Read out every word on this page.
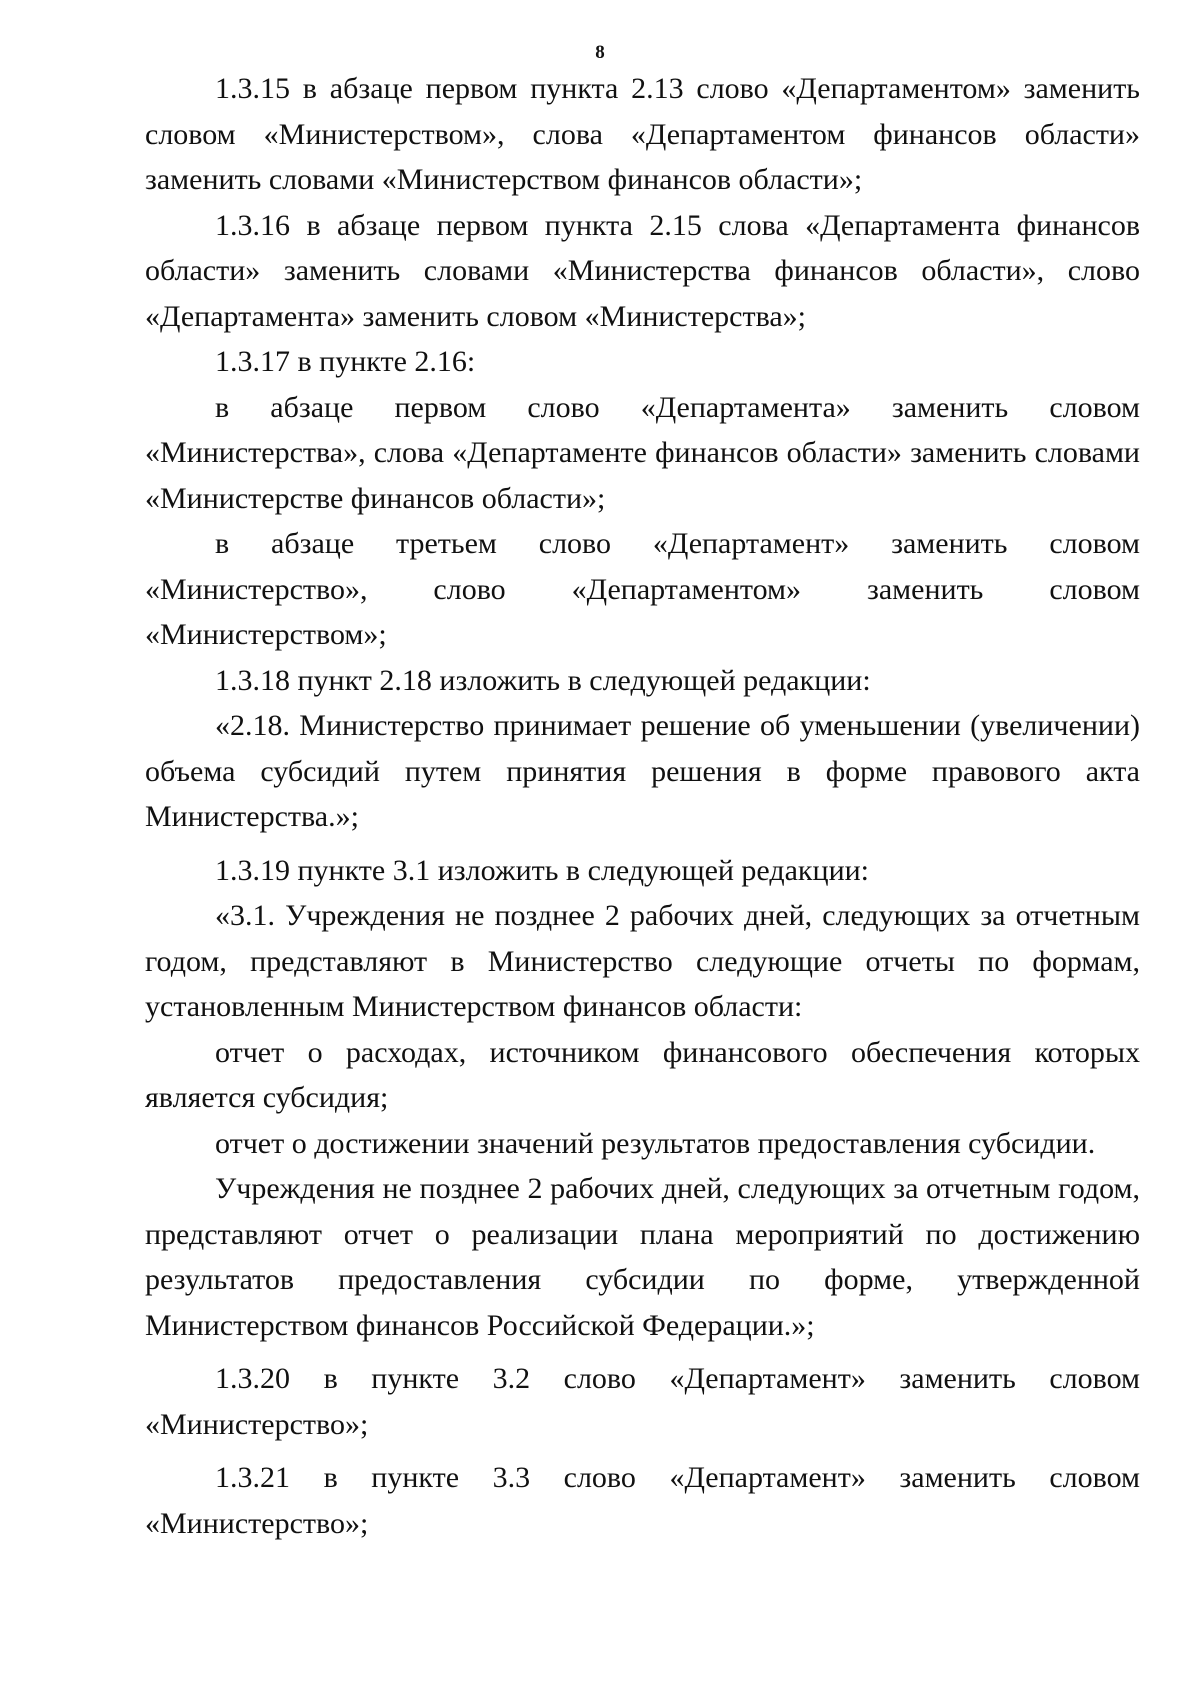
8

1.3.15 в абзаце первом пункта 2.13 слово «Департаментом» заменить словом «Министерством», слова «Департаментом финансов области» заменить словами «Министерством финансов области»;

1.3.16 в абзаце первом пункта 2.15 слова «Департамента финансов области» заменить словами «Министерства финансов области», слово «Департамента» заменить словом «Министерства»;

1.3.17 в пункте 2.16:

в абзаце первом слово «Департамента» заменить словом «Министерства», слова «Департаменте финансов области» заменить словами «Министерстве финансов области»;

в абзаце третьем слово «Департамент» заменить словом «Министерство», слово «Департаментом» заменить словом «Министерством»;

1.3.18 пункт 2.18 изложить в следующей редакции:

«2.18. Министерство принимает решение об уменьшении (увеличении) объема субсидий путем принятия решения в форме правового акта Министерства.»;

1.3.19 пункте 3.1 изложить в следующей редакции:

«3.1. Учреждения не позднее 2 рабочих дней, следующих за отчетным годом, представляют в Министерство следующие отчеты по формам, установленным Министерством финансов области:

отчет о расходах, источником финансового обеспечения которых является субсидия;

отчет о достижении значений результатов предоставления субсидии.

Учреждения не позднее 2 рабочих дней, следующих за отчетным годом, представляют отчет о реализации плана мероприятий по достижению результатов предоставления субсидии по форме, утвержденной Министерством финансов Российской Федерации.»;

1.3.20 в пункте 3.2 слово «Департамент» заменить словом «Министерство»;

1.3.21 в пункте 3.3 слово «Департамент» заменить словом «Министерство»;
